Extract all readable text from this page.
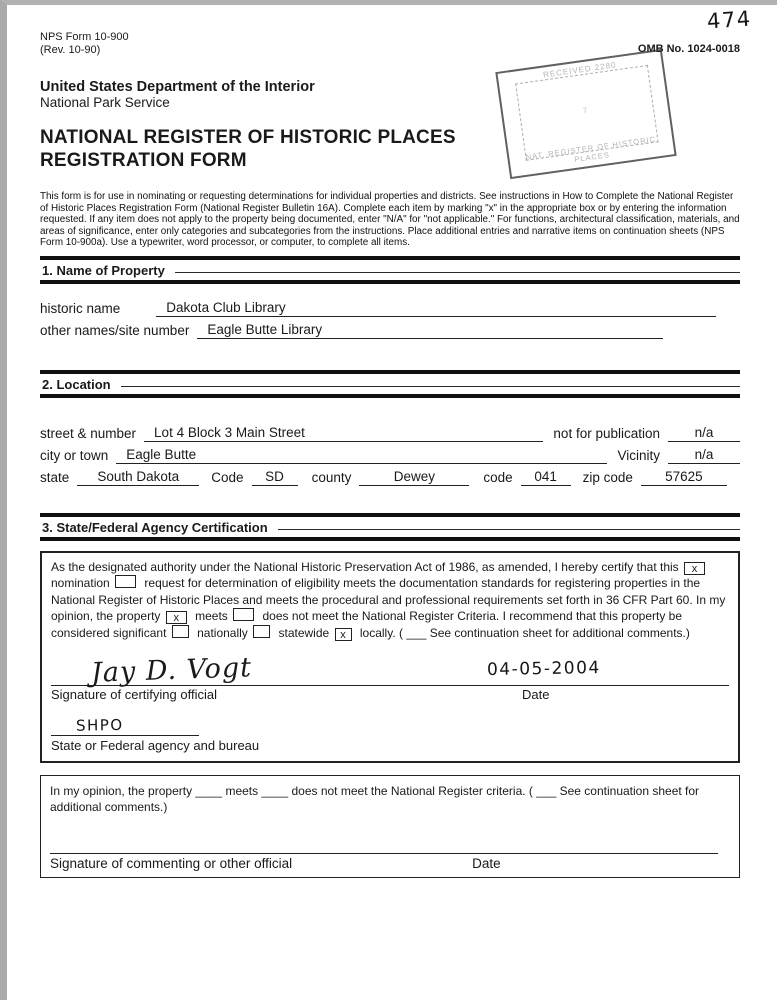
474
NPS Form 10-900
(Rev. 10-90)	OMB No. 1024-0018
RECEIVED 2280
7
NAT. REGISTER OF HISTORIC PLACES
United States Department of the Interior
National Park Service
NATIONAL REGISTER OF HISTORIC PLACES
REGISTRATION FORM
This form is for use in nominating or requesting determinations for individual properties and districts. See instructions in How to Complete the National Register of Historic Places Registration Form (National Register Bulletin 16A). Complete each item by marking "x" in the appropriate box or by entering the information requested. If any item does not apply to the property being documented, enter "N/A" for "not applicable." For functions, architectural classification, materials, and areas of significance, enter only categories and subcategories from the instructions. Place additional entries and narrative items on continuation sheets (NPS Form 10-900a). Use a typewriter, word processor, or computer, to complete all items.
1. Name of Property
historic name	Dakota Club Library
other names/site number	Eagle Butte Library
2. Location
street & number	Lot 4 Block 3 Main Street	not for publication	n/a
city or town	Eagle Butte	Vicinity	n/a
state	South Dakota	Code	SD	county	Dewey	code	041	zip code	57625
3. State/Federal Agency Certification
As the designated authority under the National Historic Preservation Act of 1986, as amended, I hereby certify that this x nomination	request for determination of eligibility meets the documentation standards for registering properties in the National Register of Historic Places and meets the procedural and professional requirements set forth in 36 CFR Part 60. In my opinion, the property x meets	does not meet the National Register Criteria. I recommend that this property be considered significant	nationally	statewide x locally. ( ___ See continuation sheet for additional comments.)
Jay D. Vogt	04-05-2004
Signature of certifying official	Date
SHPO
State or Federal agency and bureau
In my opinion, the property ____ meets ____ does not meet the National Register criteria. ( ___ See continuation sheet for additional comments.)
Signature of commenting or other official	Date
